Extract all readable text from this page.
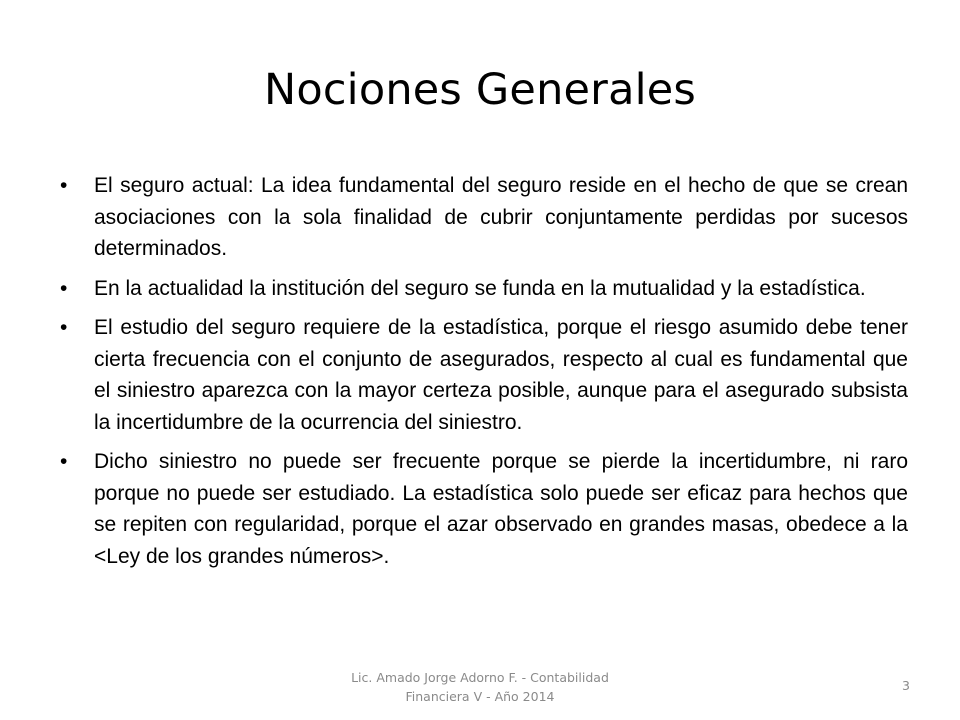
Nociones Generales
• El seguro actual: La idea fundamental del seguro reside en el hecho de que se crean asociaciones con la sola finalidad de cubrir conjuntamente perdidas por sucesos determinados.
• En la actualidad la institución del seguro se funda en la mutualidad y la estadística.
• El estudio del seguro requiere de la estadística, porque el riesgo asumido debe tener cierta frecuencia con el conjunto de asegurados, respecto al cual es fundamental que el siniestro aparezca con la mayor certeza posible, aunque para el asegurado subsista la incertidumbre de la ocurrencia del siniestro.
• Dicho siniestro no puede ser frecuente porque se pierde la incertidumbre, ni raro porque no puede ser estudiado. La estadística solo puede ser eficaz para hechos que se repiten con regularidad, porque el azar observado en grandes masas, obedece a la <Ley de los grandes números>.
Lic. Amado Jorge Adorno F. - Contabilidad
Financiera V - Año 2014
3
